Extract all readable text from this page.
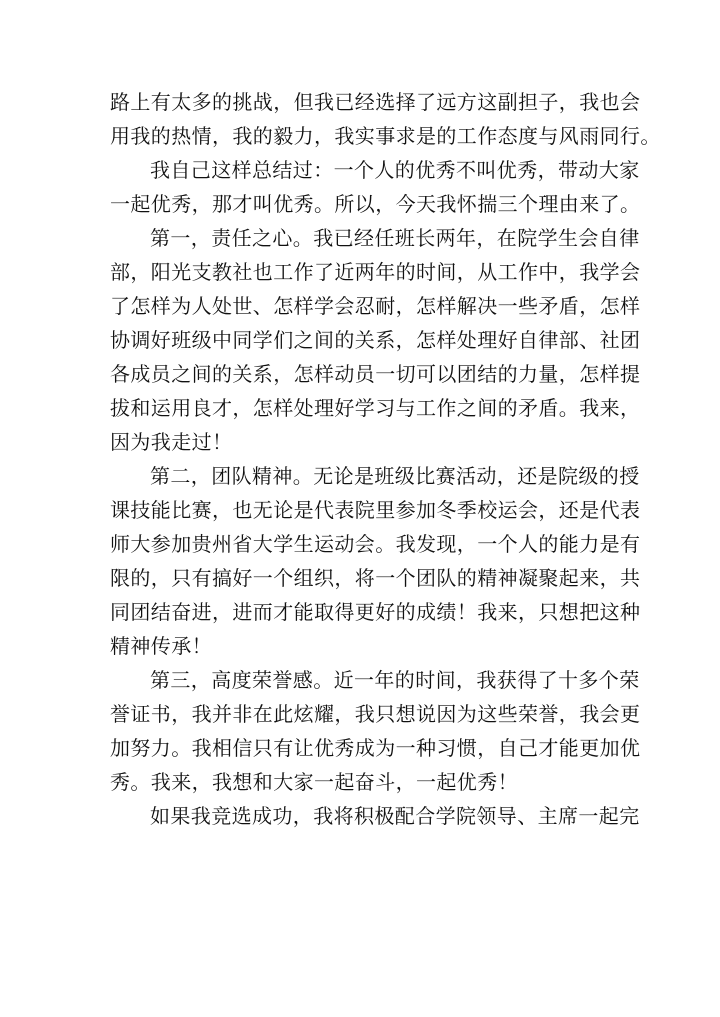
路上有太多的挑战，但我已经选择了远方这副担子，我也会
用我的热情，我的毅力，我实事求是的工作态度与风雨同行。
我自己这样总结过：一个人的优秀不叫优秀，带动大家
一起优秀，那才叫优秀。所以，今天我怀揣三个理由来了。
第一，责任之心。我已经任班长两年，在院学生会自律
部，阳光支教社也工作了近两年的时间，从工作中，我学会
了怎样为人处世、怎样学会忍耐，怎样解决一些矛盾，怎样
协调好班级中同学们之间的关系，怎样处理好自律部、社团
各成员之间的关系，怎样动员一切可以团结的力量，怎样提
拔和运用良才，怎样处理好学习与工作之间的矛盾。我来，
因为我走过！
第二，团队精神。无论是班级比赛活动，还是院级的授
课技能比赛，也无论是代表院里参加冬季校运会，还是代表
师大参加贵州省大学生运动会。我发现，一个人的能力是有
限的，只有搞好一个组织，将一个团队的精神凝聚起来，共
同团结奋进，进而才能取得更好的成绩！我来，只想把这种
精神传承！
第三，高度荣誉感。近一年的时间，我获得了十多个荣
誉证书，我并非在此炫耀，我只想说因为这些荣誉，我会更
加努力。我相信只有让优秀成为一种习惯，自己才能更加优
秀。我来，我想和大家一起奋斗，一起优秀！
如果我竞选成功，我将积极配合学院领导、主席一起完
